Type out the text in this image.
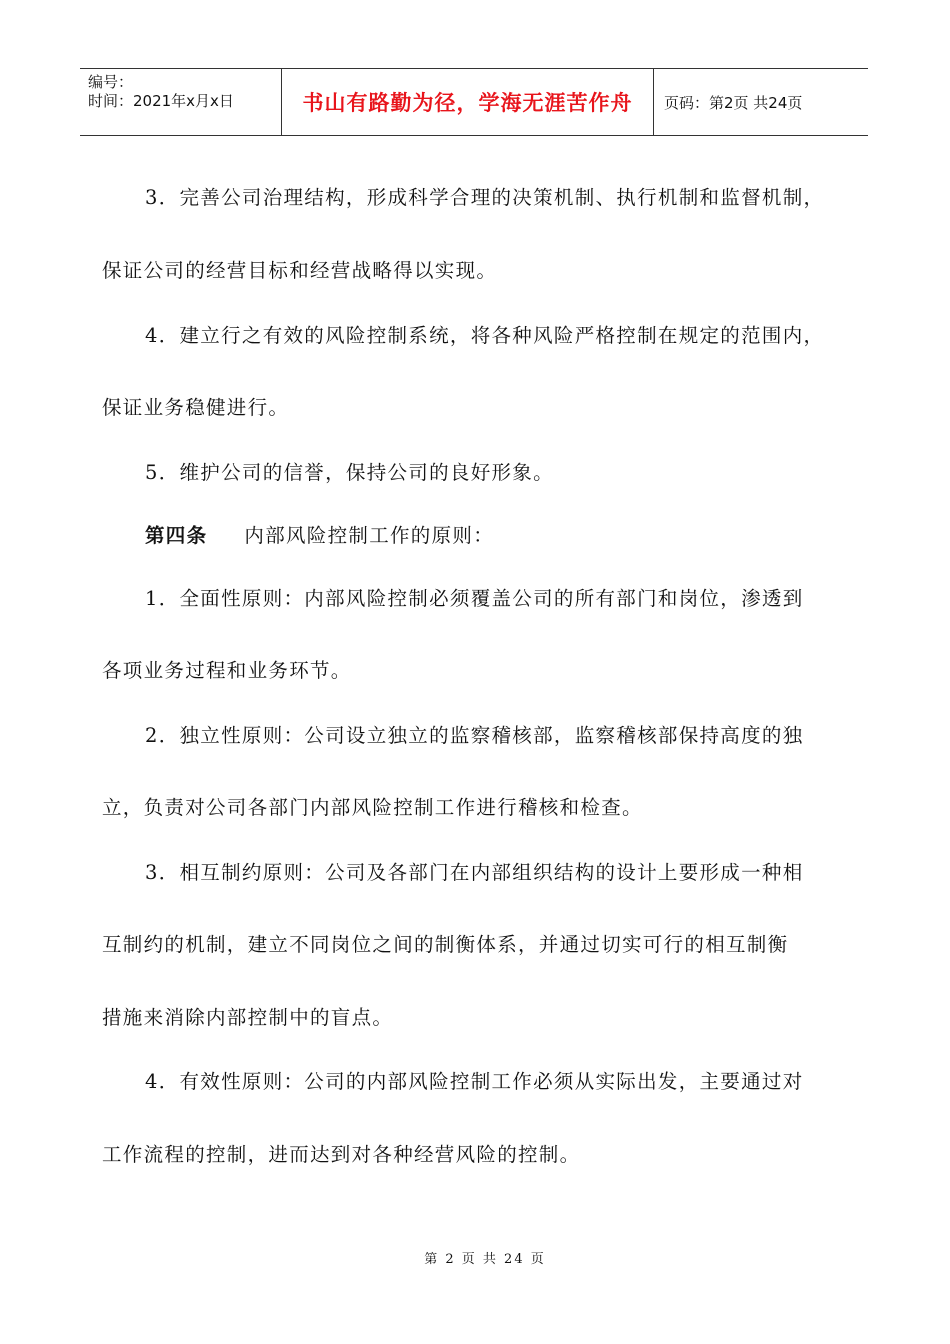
编号：
时间：2021年x月x日	书山有路勤为径，学海无涯苦作舟 页码：第2页 共24页
3．完善公司治理结构，形成科学合理的决策机制、执行机制和监督机制，
保证公司的经营目标和经营战略得以实现。
4．建立行之有效的风险控制系统，将各种风险严格控制在规定的范围内，
保证业务稳健进行。
5．维护公司的信誉，保持公司的良好形象。
第四条 内部风险控制工作的原则：
1．全面性原则：内部风险控制必须覆盖公司的所有部门和岗位，渗透到
各项业务过程和业务环节。
2．独立性原则：公司设立独立的监察稽核部，监察稽核部保持高度的独
立，负责对公司各部门内部风险控制工作进行稽核和检查。
3．相互制约原则：公司及各部门在内部组织结构的设计上要形成一种相
互制约的机制，建立不同岗位之间的制衡体系，并通过切实可行的相互制衡
措施来消除内部控制中的盲点。
4．有效性原则：公司的内部风险控制工作必须从实际出发，主要通过对
工作流程的控制，进而达到对各种经营风险的控制。
第 2 页 共 24 页
